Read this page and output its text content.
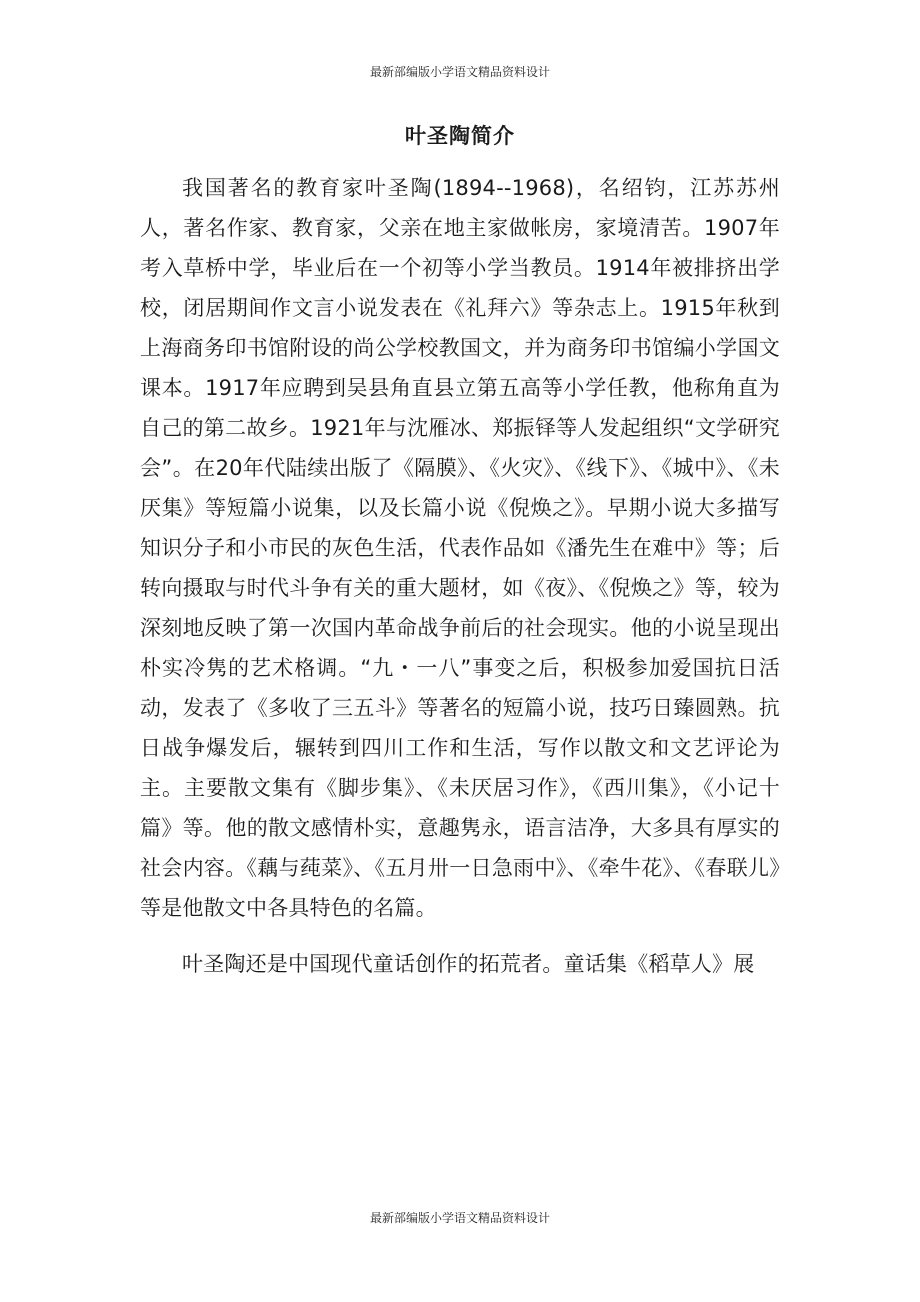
最新部编版小学语文精品资料设计
叶圣陶简介

我国著名的教育家叶圣陶(1894--1968)，名绍钧，江苏苏州人，著名作家、教育家，父亲在地主家做帐房，家境清苦。1907年考入草桥中学，毕业后在一个初等小学当教员。1914年被排挤出学校，闭居期间作文言小说发表在《礼拜六》等杂志上。1915年秋到上海商务印书馆附设的尚公学校教国文，并为商务印书馆编小学国文课本。1917年应聘到吴县角直县立第五高等小学任教，他称角直为自己的第二故乡。1921年与沈雁冰、郑振铎等人发起组织“文学研究会”。在20年代陆续出版了《隔膜》、《火灾》、《线下》、《城中》、《未厌集》等短篇小说集，以及长篇小说《倪焕之》。早期小说大多描写知识分子和小市民的灰色生活，代表作品如《潘先生在难中》等；后转向摄取与时代斗争有关的重大题材，如《夜》、《倪焕之》等，较为深刻地反映了第一次国内革命战争前后的社会现实。他的小说呈现出朴实冷隽的艺术格调。“九・一八”事变之后，积极参加爱国抗日活动，发表了《多收了三五斗》等著名的短篇小说，技巧日臻圆熟。抗日战争爆发后，辗转到四川工作和生活，写作以散文和文艺评论为主。主要散文集有《脚步集》、《未厌居习作》，《西川集》，《小记十篇》等。他的散文感情朴实，意趣隽永，语言洁净，大多具有厚实的社会内容。《藕与莼菜》、《五月卅一日急雨中》、《牵牛花》、《春联儿》等是他散文中各具特色的名篇。

叶圣陶还是中国现代童话创作的拓荒者。童话集《稻草人》展

最新部编版小学语文精品资料设计
